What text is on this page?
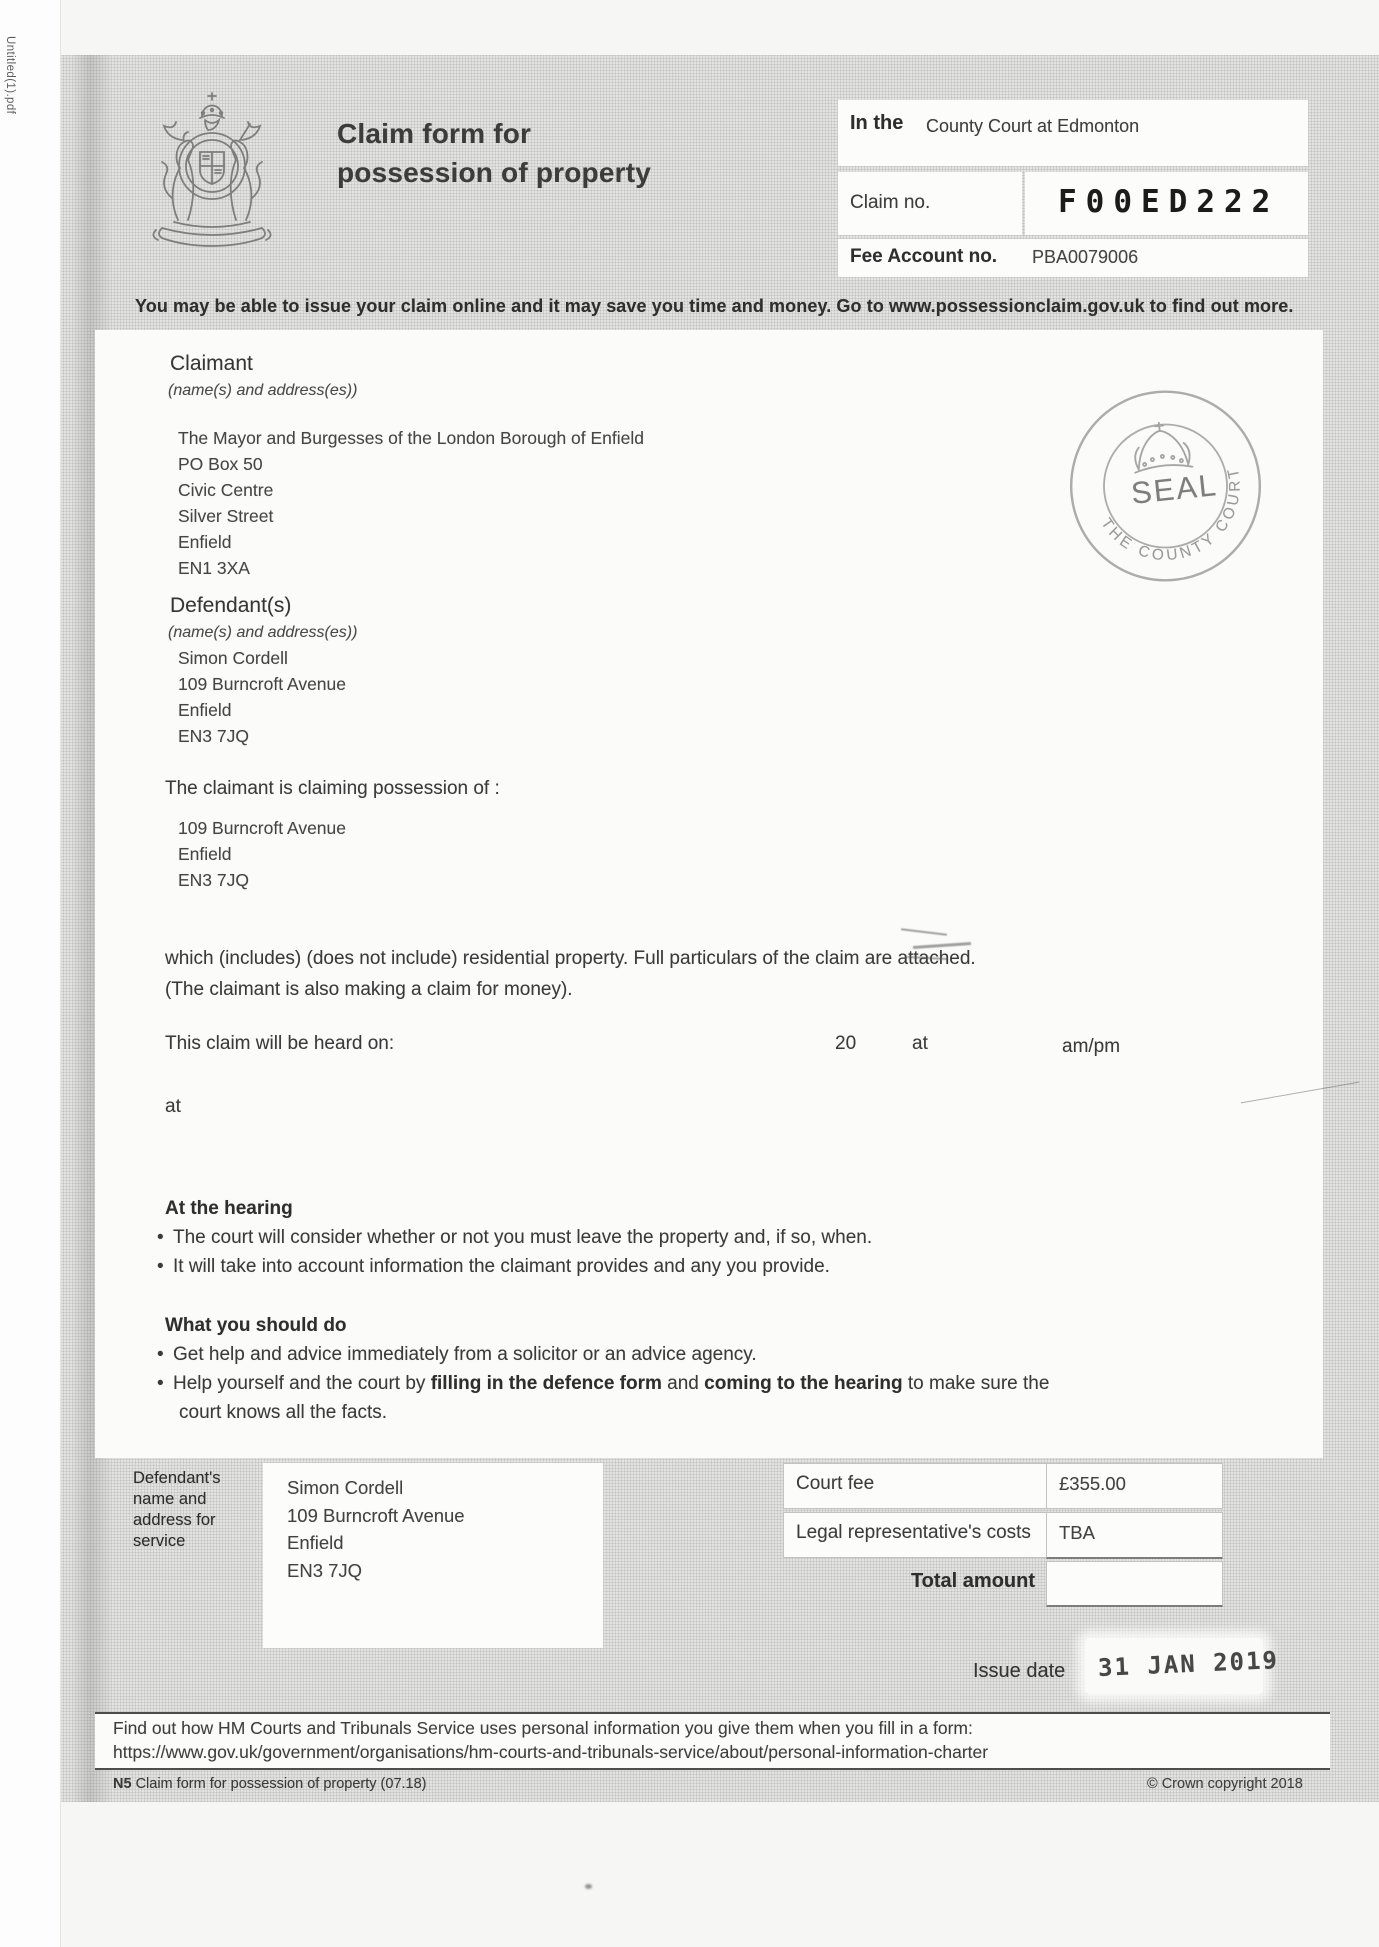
Untitled(1).pdf
Claim form for
possession of property
In the County Court at Edmonton
Claim no.	F00ED222
Fee Account no. PBA0079006
You may be able to issue your claim online and it may save you time and money. Go to www.possessionclaim.gov.uk to find out more.
Claimant
(name(s) and address(es))
The Mayor and Burgesses of the London Borough of Enfield
PO Box 50
Civic Centre
Silver Street
Enfield
EN1 3XA
SEAL
THE COUNTY COURT
Defendant(s)
(name(s) and address(es))
Simon Cordell
109 Burncroft Avenue
Enfield
EN3 7JQ
The claimant is claiming possession of :
109 Burncroft Avenue
Enfield
EN3 7JQ
which (includes) (does not include) residential property. Full particulars of the claim are attached.
(The claimant is also making a claim for money).
This claim will be heard on:	20	at	am/pm
at
At the hearing
• The court will consider whether or not you must leave the property and, if so, when.
• It will take into account information the claimant provides and any you provide.
What you should do
• Get help and advice immediately from a solicitor or an advice agency.
• Help yourself and the court by filling in the defence form and coming to the hearing to make sure the
court knows all the facts.
Defendant's
name and
address for
service
Simon Cordell
109 Burncroft Avenue
Enfield
EN3 7JQ
Court fee	£355.00
Legal representative's costs TBA
Total amount
Issue date 31 JAN 2019
Find out how HM Courts and Tribunals Service uses personal information you give them when you fill in a form:
https://www.gov.uk/government/organisations/hm-courts-and-tribunals-service/about/personal-information-charter
N5 Claim form for possession of property (07.18)	© Crown copyright 2018
